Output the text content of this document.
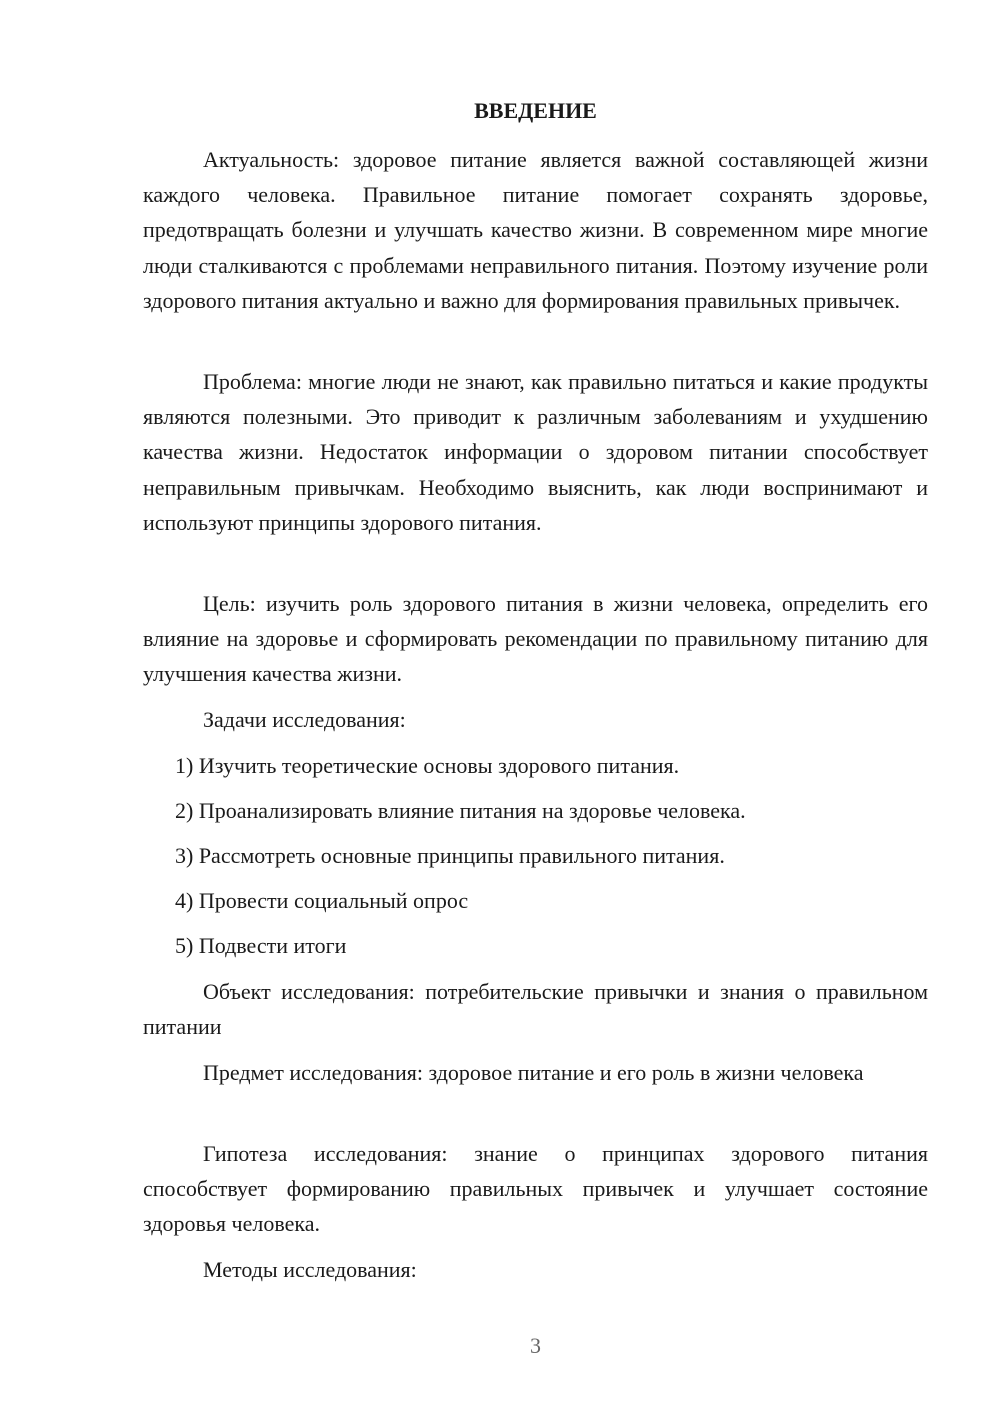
ВВЕДЕНИЕ

Актуальность: здоровое питание является важной составляющей жизни каждого человека. Правильное питание помогает сохранять здоровье, предотвращать болезни и улучшать качество жизни. В современном мире многие люди сталкиваются с проблемами неправильного питания. Поэтому изучение роли здорового питания актуально и важно для формирования правильных привычек.

Проблема: многие люди не знают, как правильно питаться и какие продукты являются полезными. Это приводит к различным заболеваниям и ухудшению качества жизни. Недостаток информации о здоровом питании способствует неправильным привычкам. Необходимо выяснить, как люди воспринимают и используют принципы здорового питания.

Цель: изучить роль здорового питания в жизни человека, определить его влияние на здоровье и сформировать рекомендации по правильному питанию для улучшения качества жизни.

Задачи исследования:

1) Изучить теоретические основы здорового питания.

2) Проанализировать влияние питания на здоровье человека.

3) Рассмотреть основные принципы правильного питания.

4) Провести социальный опрос

5) Подвести итоги

Объект исследования: потребительские привычки и знания о правильном питании

Предмет исследования: здоровое питание и его роль в жизни человека

Гипотеза исследования: знание о принципах здорового питания способствует формированию правильных привычек и улучшает состояние здоровья человека.

Методы исследования:

3
